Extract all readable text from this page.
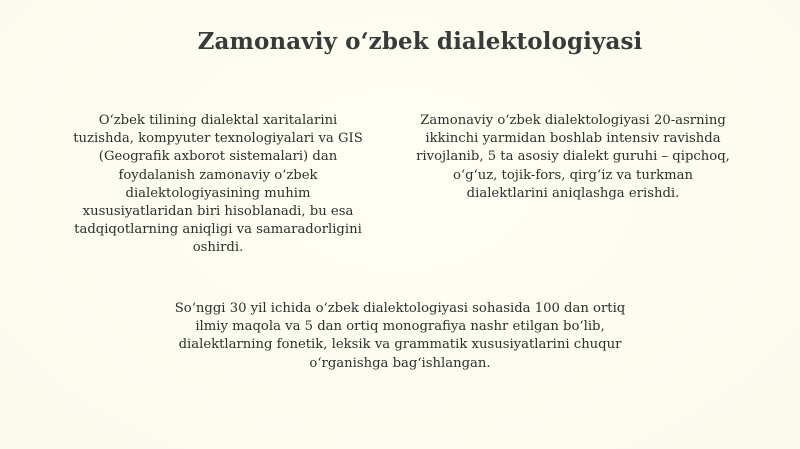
Zamonaviy o‘zbek dialektologiyasi
O‘zbek tilining dialektal xaritalarini
tuzishda, kompyuter texnologiyalari va GIS
(Geografik axborot sistemalari) dan
foydalanish zamonaviy o‘zbek
dialektologiyasining muhim
xususiyatlaridan biri hisoblanadi, bu esa
tadqiqotlarning aniqligi va samaradorligini
oshirdi.
Zamonaviy o‘zbek dialektologiyasi 20-asrning
ikkinchi yarmidan boshlab intensiv ravishda
rivojlanib, 5 ta asosiy dialekt guruhi – qipchoq,
o‘g‘uz, tojik-fors, qirg‘iz va turkman
dialektlarini aniqlashga erishdi.
So‘nggi 30 yil ichida o‘zbek dialektologiyasi sohasida 100 dan ortiq
ilmiy maqola va 5 dan ortiq monografiya nashr etilgan bo‘lib,
dialektlarning fonetik, leksik va grammatik xususiyatlarini chuqur
o‘rganishga bag‘ishlangan.
